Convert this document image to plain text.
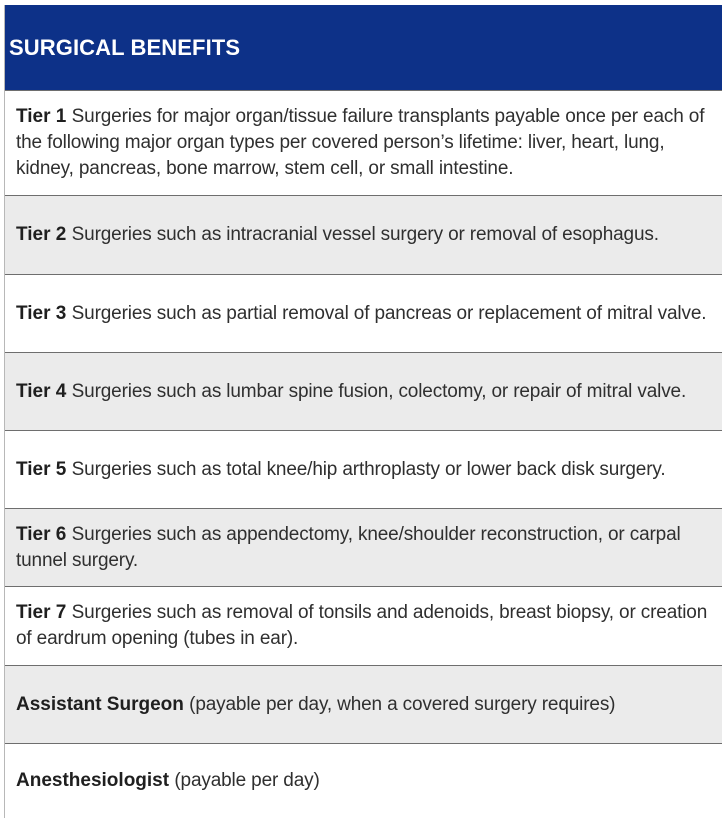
SURGICAL BENEFITS
Tier 1 Surgeries for major organ/tissue failure transplants payable once per each of the following major organ types per covered person’s lifetime: liver, heart, lung, kidney, pancreas, bone marrow, stem cell, or small intestine.
Tier 2 Surgeries such as intracranial vessel surgery or removal of esophagus.
Tier 3 Surgeries such as partial removal of pancreas or replacement of mitral valve.
Tier 4 Surgeries such as lumbar spine fusion, colectomy, or repair of mitral valve.
Tier 5 Surgeries such as total knee/hip arthroplasty or lower back disk surgery.
Tier 6 Surgeries such as appendectomy, knee/shoulder reconstruction, or carpal tunnel surgery.
Tier 7 Surgeries such as removal of tonsils and adenoids, breast biopsy, or creation of eardrum opening (tubes in ear).
Assistant Surgeon (payable per day, when a covered surgery requires)
Anesthesiologist (payable per day)
